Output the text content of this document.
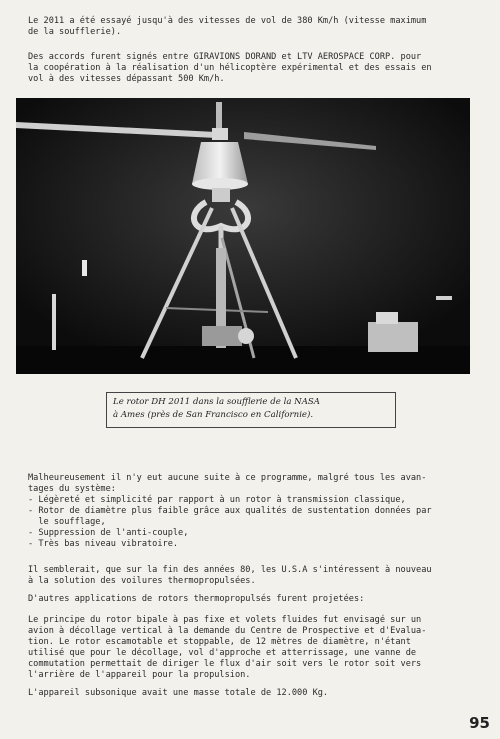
Le 2011 a été essayé jusqu'à des vitesses de vol de 380 Km/h (vitesse maximum
de la soufflerie).

Des accords furent signés entre GIRAVIONS DORAND et LTV AEROSPACE CORP. pour
la coopération à la réalisation d'un hélicoptère expérimental et des essais en
vol à des vitesses dépassant 500 Km/h.

Le rotor DH 2011 dans la soufflerie de la NASA
à Ames (près de San Francisco en Californie).

Malheureusement il n'y eut aucune suite à ce programme, malgré tous les avan-
tages du système:
- Légèreté et simplicité par rapport à un rotor à transmission classique,
- Rotor de diamètre plus faible grâce aux qualités de sustentation données par
le soufflage,
- Suppression de l'anti-couple,
- Très bas niveau vibratoire.

Il semblerait, que sur la fin des années 80, les U.S.A s'intéressent à nouveau
à la solution des voilures thermopropulsées.

D'autres applications de rotors thermopropulsés furent projetées:

Le principe du rotor bipale à pas fixe et volets fluides fut envisagé sur un
avion à décollage vertical à la demande du Centre de Prospective et d'Evalua-
tion. Le rotor escamotable et stoppable, de 12 mètres de diamètre, n'étant
utilisé que pour le décollage, vol d'approche et atterrissage, une vanne de
commutation permettait de diriger le flux d'air soit vers le rotor soit vers
l'arrière de l'appareil pour la propulsion.

L'appareil subsonique avait une masse totale de 12.000 Kg.

95
